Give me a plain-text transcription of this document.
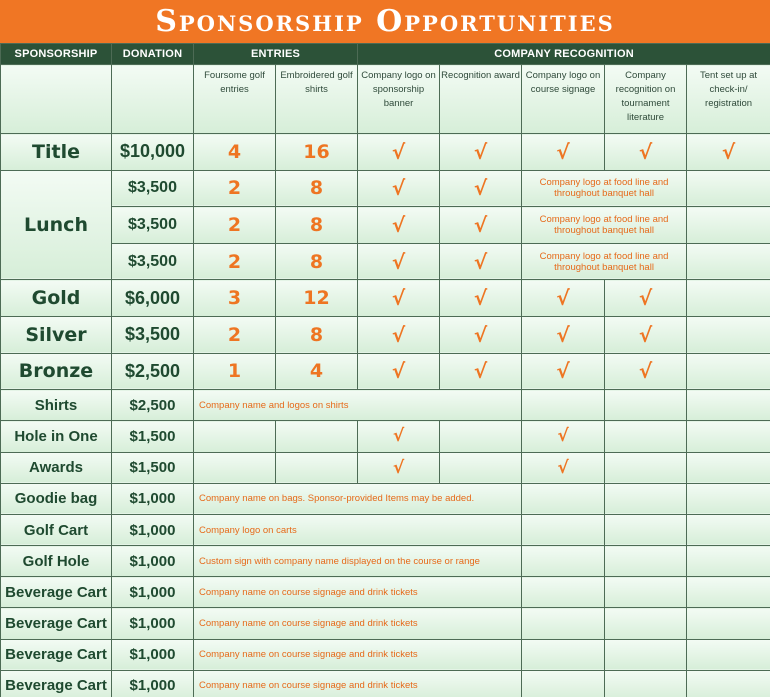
Sponsorship Opportunities
SPONSORSHIP	DONATION	ENTRIES		COMPANY RECOGNITION				
		Foursome golf entries	Embroidered golf shirts	Company logo on sponsorship banner	Recognition award	Company logo on course signage	Company recognition on tournament literature	Tent set up at check-in/ registration
Title	$10,000	4	16	√	√	√	√	√
Lunch	$3,500	2	8	√	√	Company logo at food line and throughout banquet hall		
	$3,500	2	8	√	√	Company logo at food line and throughout banquet hall		
	$3,500	2	8	√	√	Company logo at food line and throughout banquet hall		
Gold	$6,000	3	12	√	√	√	√	
Silver	$3,500	2	8	√	√	√	√	
Bronze	$2,500	1	4	√	√	√	√	
Shirts	$2,500	Company name and logos on shirts						
Hole in One	$1,500			√		√		
Awards	$1,500			√		√		
Goodie bag	$1,000	Company name on bags. Sponsor-provided Items may be added.						
Golf Cart	$1,000	Company logo on carts						
Golf Hole	$1,000	Custom sign with company name displayed on the course or range						
Beverage Cart	$1,000	Company name on course signage and drink tickets						
Beverage Cart	$1,000	Company name on course signage and drink tickets						
Beverage Cart	$1,000	Company name on course signage and drink tickets						
Beverage Cart	$1,000	Company name on course signage and drink tickets						
